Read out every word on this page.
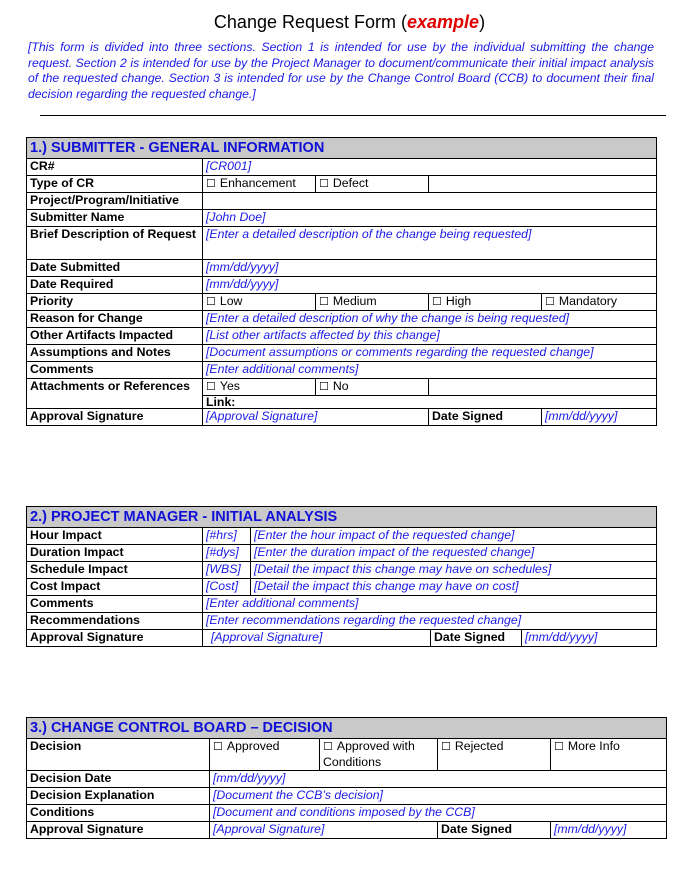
Change Request Form (example)
[This form is divided into three sections. Section 1 is intended for use by the individual submitting the change request. Section 2 is intended for use by the Project Manager to document/communicate their initial impact analysis of the requested change. Section 3 is intended for use by the Change Control Board (CCB) to document their final decision regarding the requested change.]
1.) SUBMITTER - GENERAL INFORMATION				
CR#	[CR001]			
Type of CR	☐ Enhancement	☐ Defect		
Project/Program/Initiative				
Submitter Name	[John Doe]			
Brief Description of Request	[Enter a detailed description of the change being requested]			
Date Submitted	[mm/dd/yyyy]			
Date Required	[mm/dd/yyyy]			
Priority	☐ Low	☐ Medium	☐ High	☐ Mandatory
Reason for Change	[Enter a detailed description of why the change is being requested]			
Other Artifacts Impacted	[List other artifacts affected by this change]			
Assumptions and Notes	[Document assumptions or comments regarding the requested change]			
Comments	[Enter additional comments]			
Attachments or References	☐ Yes	☐ No		
	Link:			
Approval Signature	[Approval Signature]		Date Signed	[mm/dd/yyyy]
2.) PROJECT MANAGER - INITIAL ANALYSIS				
Hour Impact	[#hrs]	[Enter the hour impact of the requested change]		
Duration Impact	[#dys]	[Enter the duration impact of the requested change]		
Schedule Impact	[WBS]	[Detail the impact this change may have on schedules]		
Cost Impact	[Cost]	[Detail the impact this change may have on cost]		
Comments	[Enter additional comments]			
Recommendations	[Enter recommendations regarding the requested change]			
Approval Signature	[Approval Signature]		Date Signed	[mm/dd/yyyy]
3.) CHANGE CONTROL BOARD – DECISION				
Decision	☐ Approved	☐ Approved with Conditions	☐ Rejected	☐ More Info
Decision Date	[mm/dd/yyyy]			
Decision Explanation	[Document the CCB’s decision]			
Conditions	[Document and conditions imposed by the CCB]			
Approval Signature	[Approval Signature]		Date Signed	[mm/dd/yyyy]
